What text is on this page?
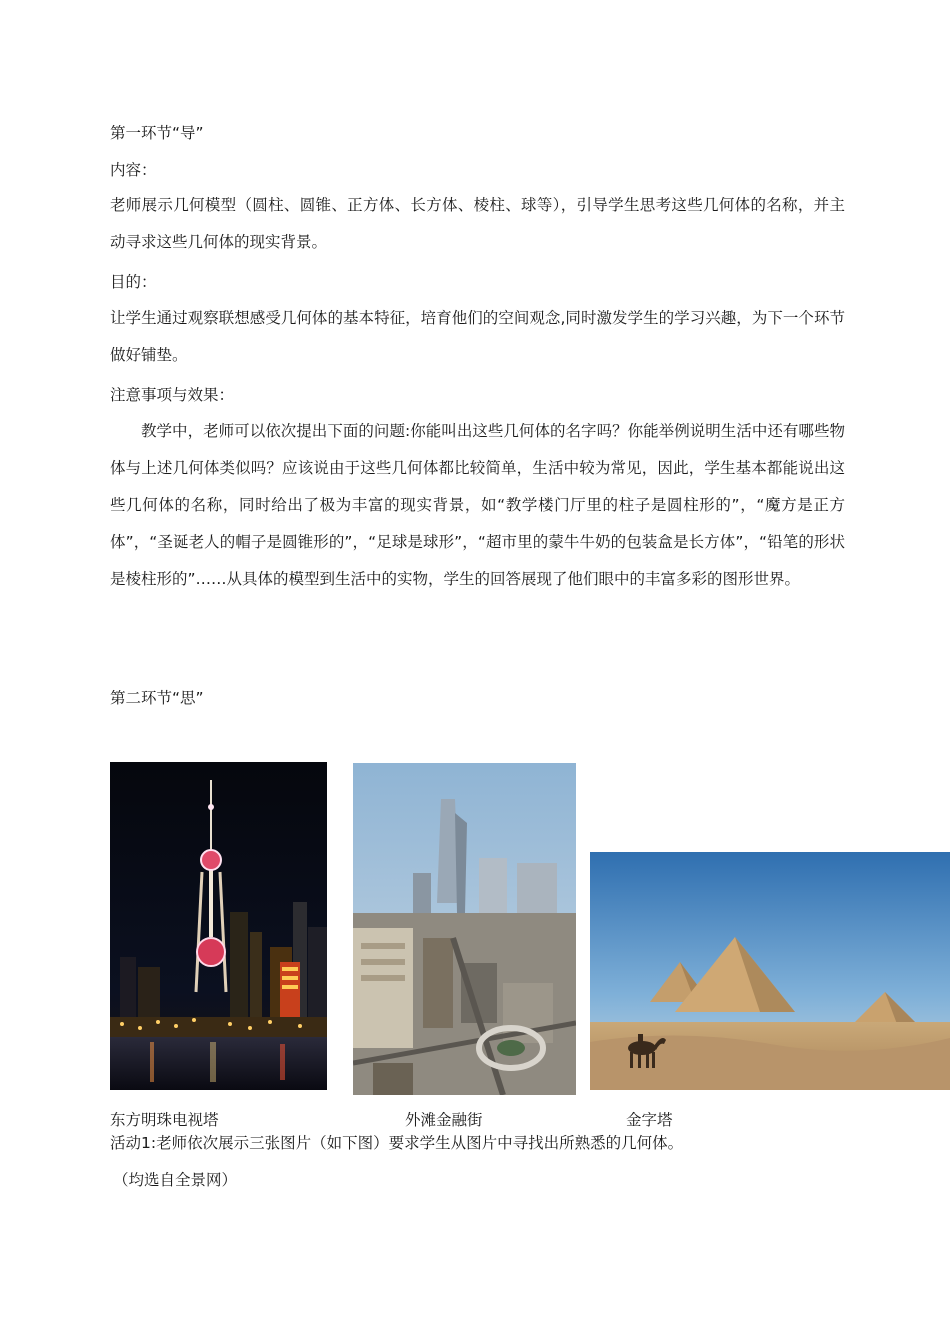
第一环节“导”
内容：
老师展示几何模型（圆柱、圆锥、正方体、长方体、棱柱、球等），引导学生思考这些几何体的名称，并主动寻求这些几何体的现实背景。
目的：
让学生通过观察联想感受几何体的基本特征，培育他们的空间观念,同时激发学生的学习兴趣，为下一个环节做好铺垫。
注意事项与效果：
教学中，老师可以依次提出下面的问题:你能叫出这些几何体的名字吗？你能举例说明生活中还有哪些物体与上述几何体类似吗？应该说由于这些几何体都比较简单，生活中较为常见，因此，学生基本都能说出这些几何体的名称，同时给出了极为丰富的现实背景，如“教学楼门厅里的柱子是圆柱形的”，“魔方是正方体”，“圣诞老人的帽子是圆锥形的”，“足球是球形”，“超市里的蒙牛牛奶的包装盒是长方体”，“铅笔的形状是棱柱形的”……从具体的模型到生活中的实物，学生的回答展现了他们眼中的丰富多彩的图形世界。
第二环节“思”
东方明珠电视塔	外滩金融街	金字塔
活动1:老师依次展示三张图片（如下图）要求学生从图片中寻找出所熟悉的几何体。
（均选自全景网）
